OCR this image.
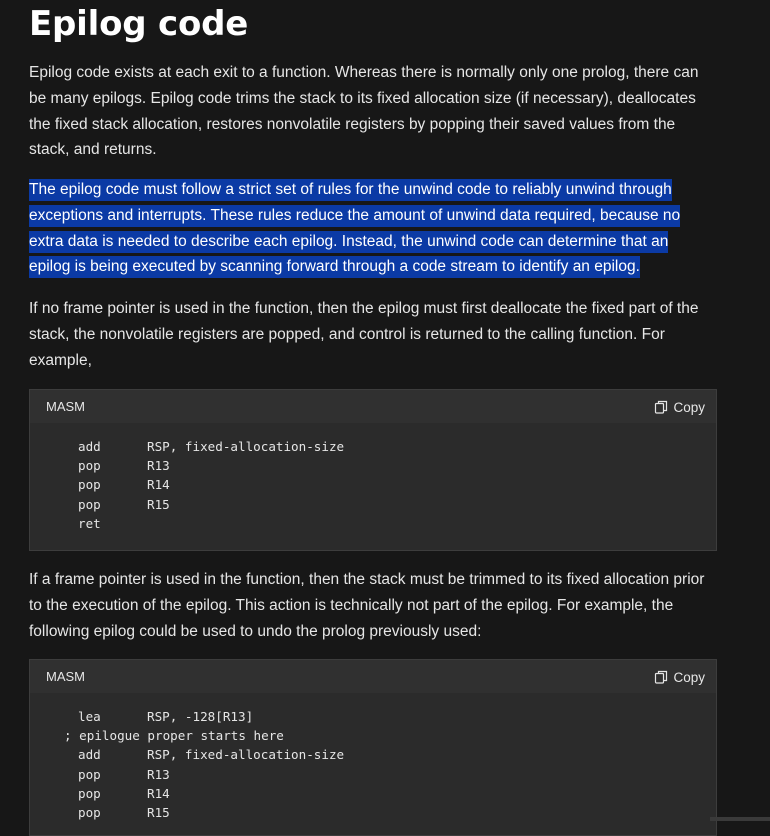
Epilog code

Epilog code exists at each exit to a function. Whereas there is normally only one prolog, there can be many epilogs. Epilog code trims the stack to its fixed allocation size (if necessary), deallocates the fixed stack allocation, restores nonvolatile registers by popping their saved values from the stack, and returns.

The epilog code must follow a strict set of rules for the unwind code to reliably unwind through exceptions and interrupts. These rules reduce the amount of unwind data required, because no extra data is needed to describe each epilog. Instead, the unwind code can determine that an epilog is being executed by scanning forward through a code stream to identify an epilog.

If no frame pointer is used in the function, then the epilog must first deallocate the fixed part of the stack, the nonvolatile registers are popped, and control is returned to the calling function. For example,

MASM	Copy
add	RSP, fixed-allocation-size
pop	R13
pop	R14
pop	R15
ret

If a frame pointer is used in the function, then the stack must be trimmed to its fixed allocation prior to the execution of the epilog. This action is technically not part of the epilog. For example, the following epilog could be used to undo the prolog previously used:

MASM	Copy
lea	RSP, -128[R13]
; epilogue proper starts here
add	RSP, fixed-allocation-size
pop	R13
pop	R14
pop	R15
